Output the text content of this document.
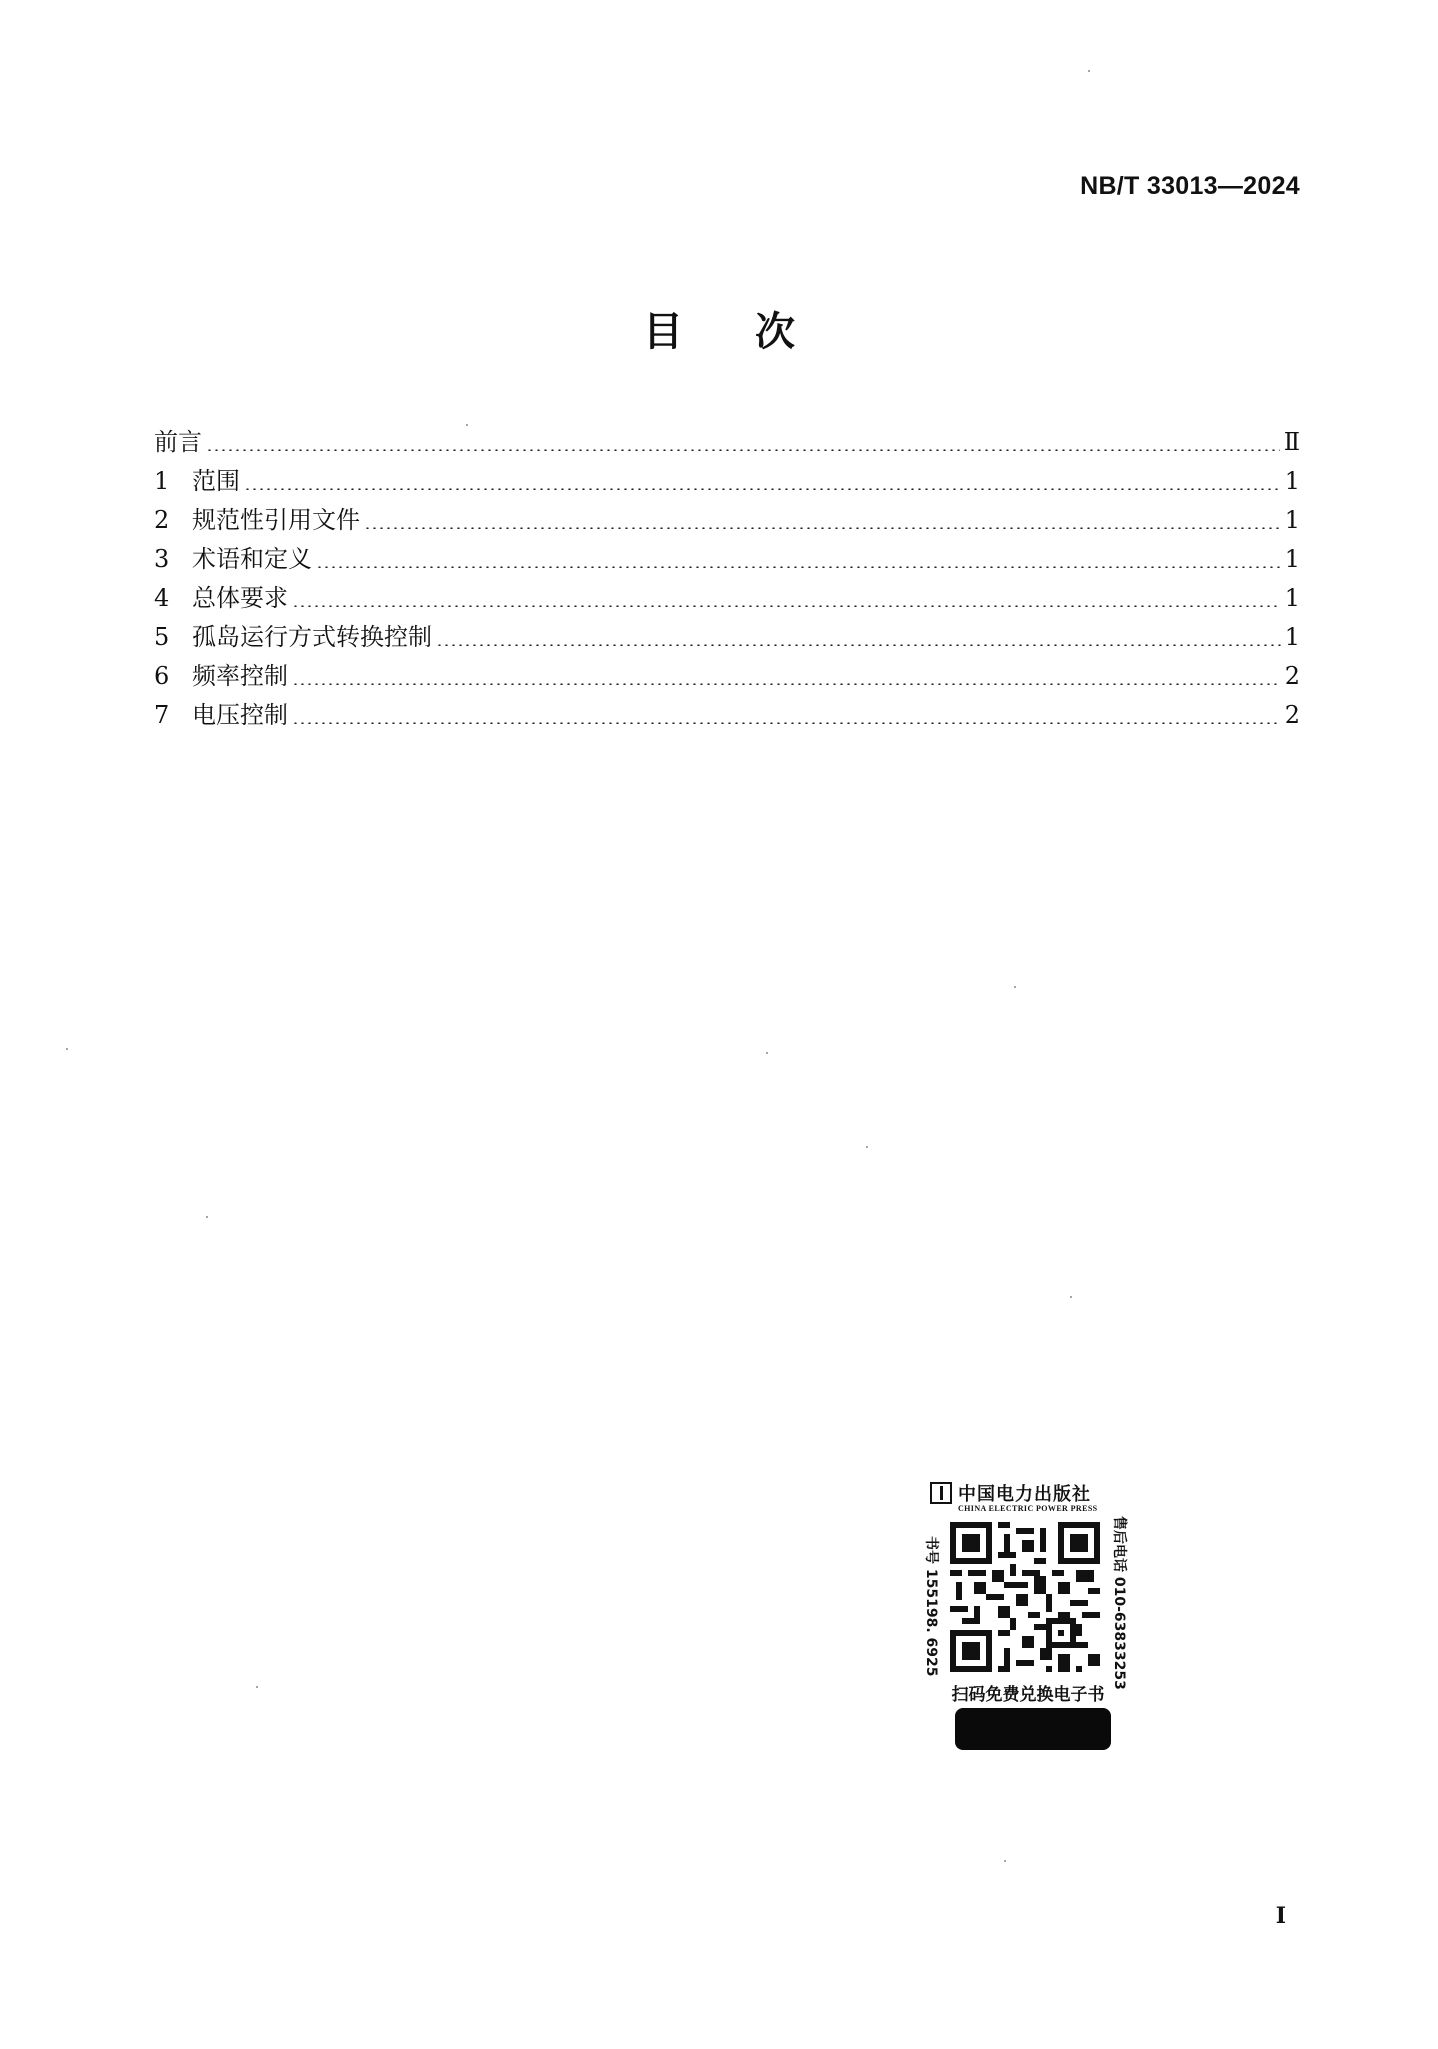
NB/T 33013—2024
目 次
前言	Ⅱ
1 范围	1
2 规范性引用文件	1
3 术语和定义	1
4 总体要求	1
5 孤岛运行方式转换控制	1
6 频率控制	2
7 电压控制	2
中国电力出版社
CHINA ELECTRIC POWER PRESS
书号 155198. 6925	售后电话 010-63833253
扫码免费兑换电子书
I
